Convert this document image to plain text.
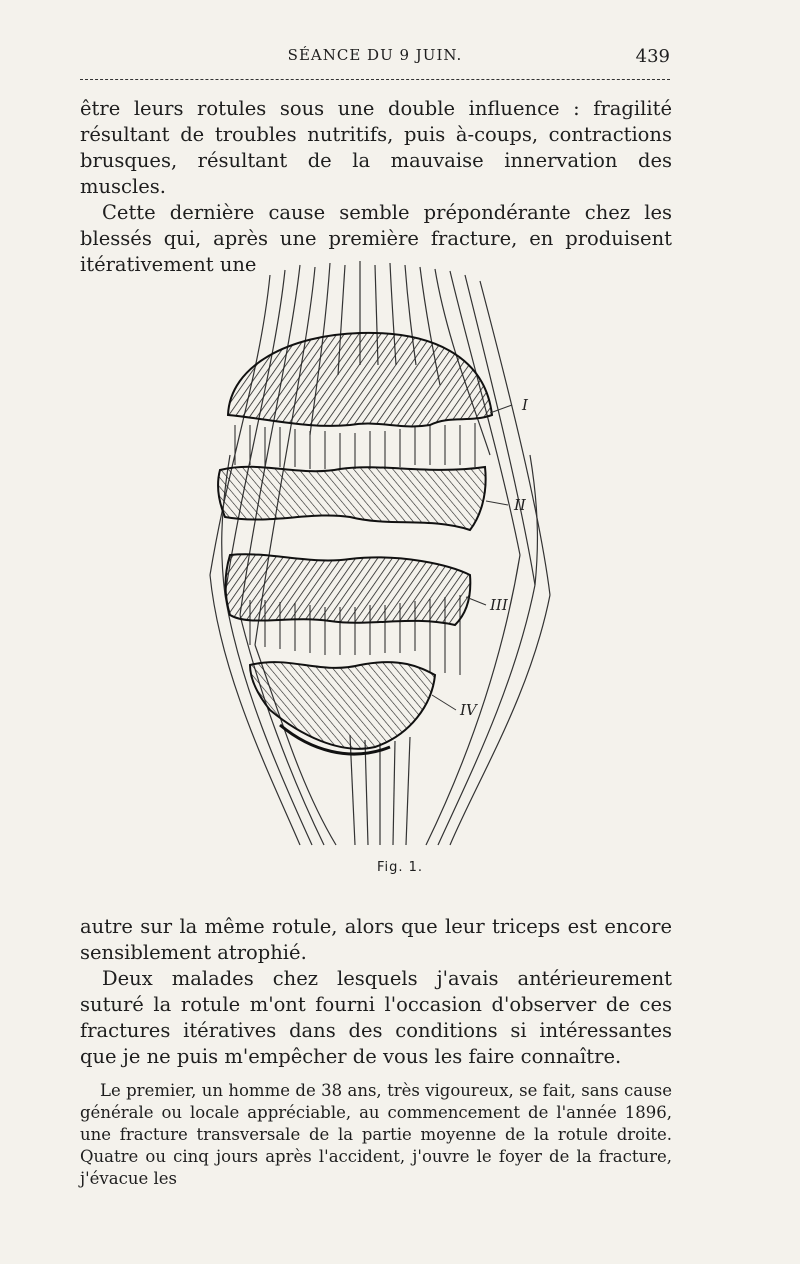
SÉANCE DU 9 JUIN.	439

être leurs rotules sous une double influence : fragilité résultant de troubles nutritifs, puis à-coups, contractions brusques, résultant de la mauvaise innervation des muscles.

Cette dernière cause semble prépondérante chez les blessés qui, après une première fracture, en produisent itérativement une

I
II
III
IV
Fig. 1.

autre sur la même rotule, alors que leur triceps est encore sensiblement atrophié.

Deux malades chez lesquels j'avais antérieurement suturé la rotule m'ont fourni l'occasion d'observer de ces fractures itératives dans des conditions si intéressantes que je ne puis m'empêcher de vous les faire connaître.

Le premier, un homme de 38 ans, très vigoureux, se fait, sans cause générale ou locale appréciable, au commencement de l'année 1896, une fracture transversale de la partie moyenne de la rotule droite. Quatre ou cinq jours après l'accident, j'ouvre le foyer de la fracture, j'évacue les
